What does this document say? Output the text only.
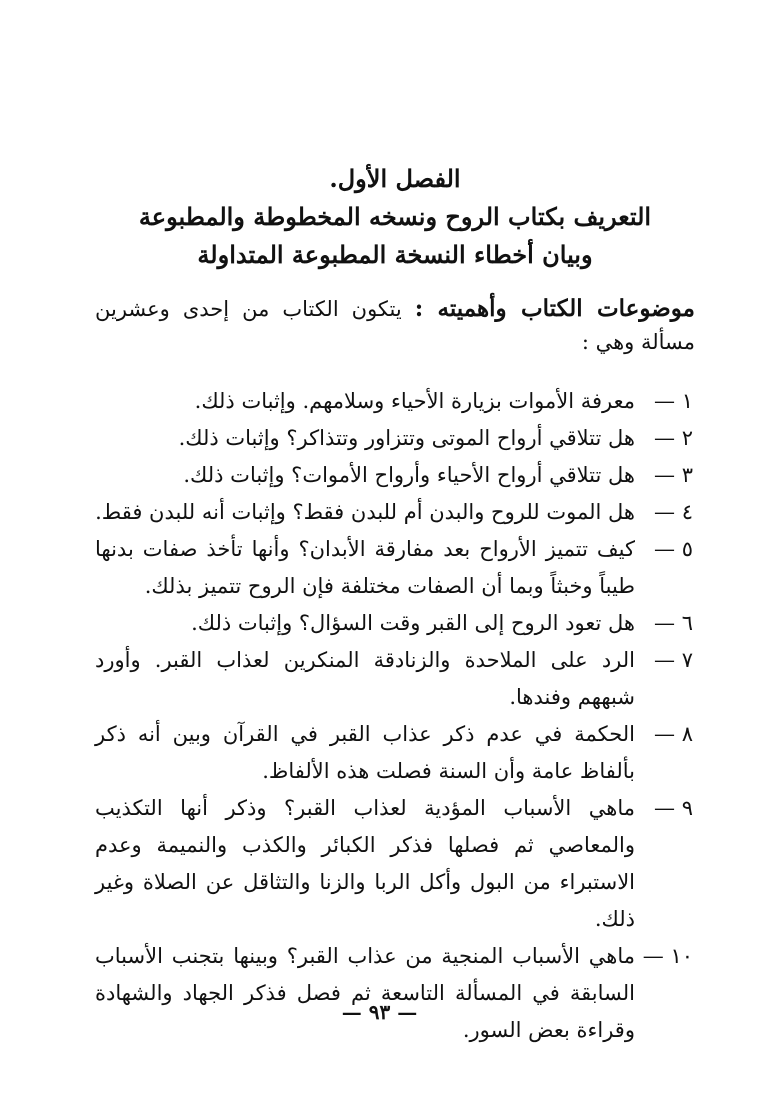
الفصل الأول.
التعريف بكتاب الروح ونسخه المخطوطة والمطبوعة
وبيان أخطاء النسخة المطبوعة المتداولة
موضوعات الكتاب وأهميته : يتكون الكتاب من إحدى وعشرين مسألة وهي :
١ —
معرفة الأموات بزيارة الأحياء وسلامهم. وإثبات ذلك.
٢ —
هل تتلاقي أرواح الموتى وتتزاور وتتذاكر؟ وإثبات ذلك.
٣ —
هل تتلاقي أرواح الأحياء وأرواح الأموات؟ وإثبات ذلك.
٤ —
هل الموت للروح والبدن أم للبدن فقط؟ وإثبات أنه للبدن فقط.
٥ —
كيف تتميز الأرواح بعد مفارقة الأبدان؟ وأنها تأخذ صفات بدنها طيباً وخبثاً وبما أن الصفات مختلفة فإن الروح تتميز بذلك.
٦ —
هل تعود الروح إلى القبر وقت السؤال؟ وإثبات ذلك.
٧ —
الرد على الملاحدة والزنادقة المنكرين لعذاب القبر. وأورد شبههم وفندها.
٨ —
الحكمة في عدم ذكر عذاب القبر في القرآن وبين أنه ذكر بألفاظ عامة وأن السنة فصلت هذه الألفاظ.
٩ —
ماهي الأسباب المؤدية لعذاب القبر؟ وذكر أنها التكذيب والمعاصي ثم فصلها فذكر الكبائر والكذب والنميمة وعدم الاستبراء من البول وأكل الربا والزنا والتثاقل عن الصلاة وغير ذلك.
١٠ —
ماهي الأسباب المنجية من عذاب القبر؟ وبينها بتجنب الأسباب السابقة في المسألة التاسعة ثم فصل فذكر الجهاد والشهادة وقراءة بعض السور.
— ٩٣ —
